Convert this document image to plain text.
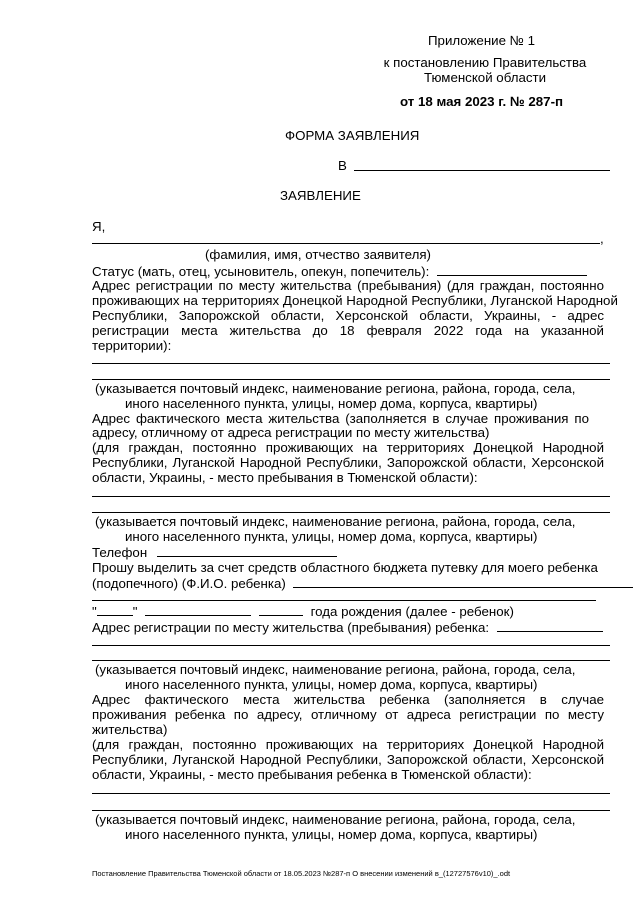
Приложение № 1
к постановлению Правительства
Тюменской области
от 18 мая 2023 г. № 287-п
ФОРМА ЗАЯВЛЕНИЯ
В
ЗАЯВЛЕНИЕ
Я,
,
(фамилия, имя, отчество заявителя)
Статус (мать, отец, усыновитель, опекун, попечитель):
Адрес регистрации по месту жительства (пребывания) (для граждан, постоянно
проживающих на территориях Донецкой Народной Республики, Луганской Народной
Республики, Запорожской области, Херсонской области, Украины, - адрес
регистрации места жительства до 18 февраля 2022 года на указанной
территории):
(указывается почтовый индекс, наименование региона, района, города, села,
иного населенного пункта, улицы, номер дома, корпуса, квартиры)
Адрес фактического места жительства (заполняется в случае проживания по
адресу, отличному от адреса регистрации по месту жительства)
(для граждан, постоянно проживающих на территориях Донецкой Народной
Республики, Луганской Народной Республики, Запорожской области, Херсонской
области, Украины, - место пребывания в Тюменской области):
(указывается почтовый индекс, наименование региона, района, города, села,
иного населенного пункта, улицы, номер дома, корпуса, квартиры)
Телефон
Прошу выделить за счет средств областного бюджета путевку для моего ребенка
(подопечного) (Ф.И.О. ребенка)
"	"	года рождения (далее - ребенок)
Адрес регистрации по месту жительства (пребывания) ребенка:
(указывается почтовый индекс, наименование региона, района, города, села,
иного населенного пункта, улицы, номер дома, корпуса, квартиры)
Адрес фактического места жительства ребенка (заполняется в случае
проживания ребенка по адресу, отличному от адреса регистрации по месту
жительства)
(для граждан, постоянно проживающих на территориях Донецкой Народной
Республики, Луганской Народной Республики, Запорожской области, Херсонской
области, Украины, - место пребывания ребенка в Тюменской области):
(указывается почтовый индекс, наименование региона, района, города, села,
иного населенного пункта, улицы, номер дома, корпуса, квартиры)
Постановление Правительства Тюменской области от 18.05.2023 №287-п О внесении изменений в_(12727576v10)_.odt
